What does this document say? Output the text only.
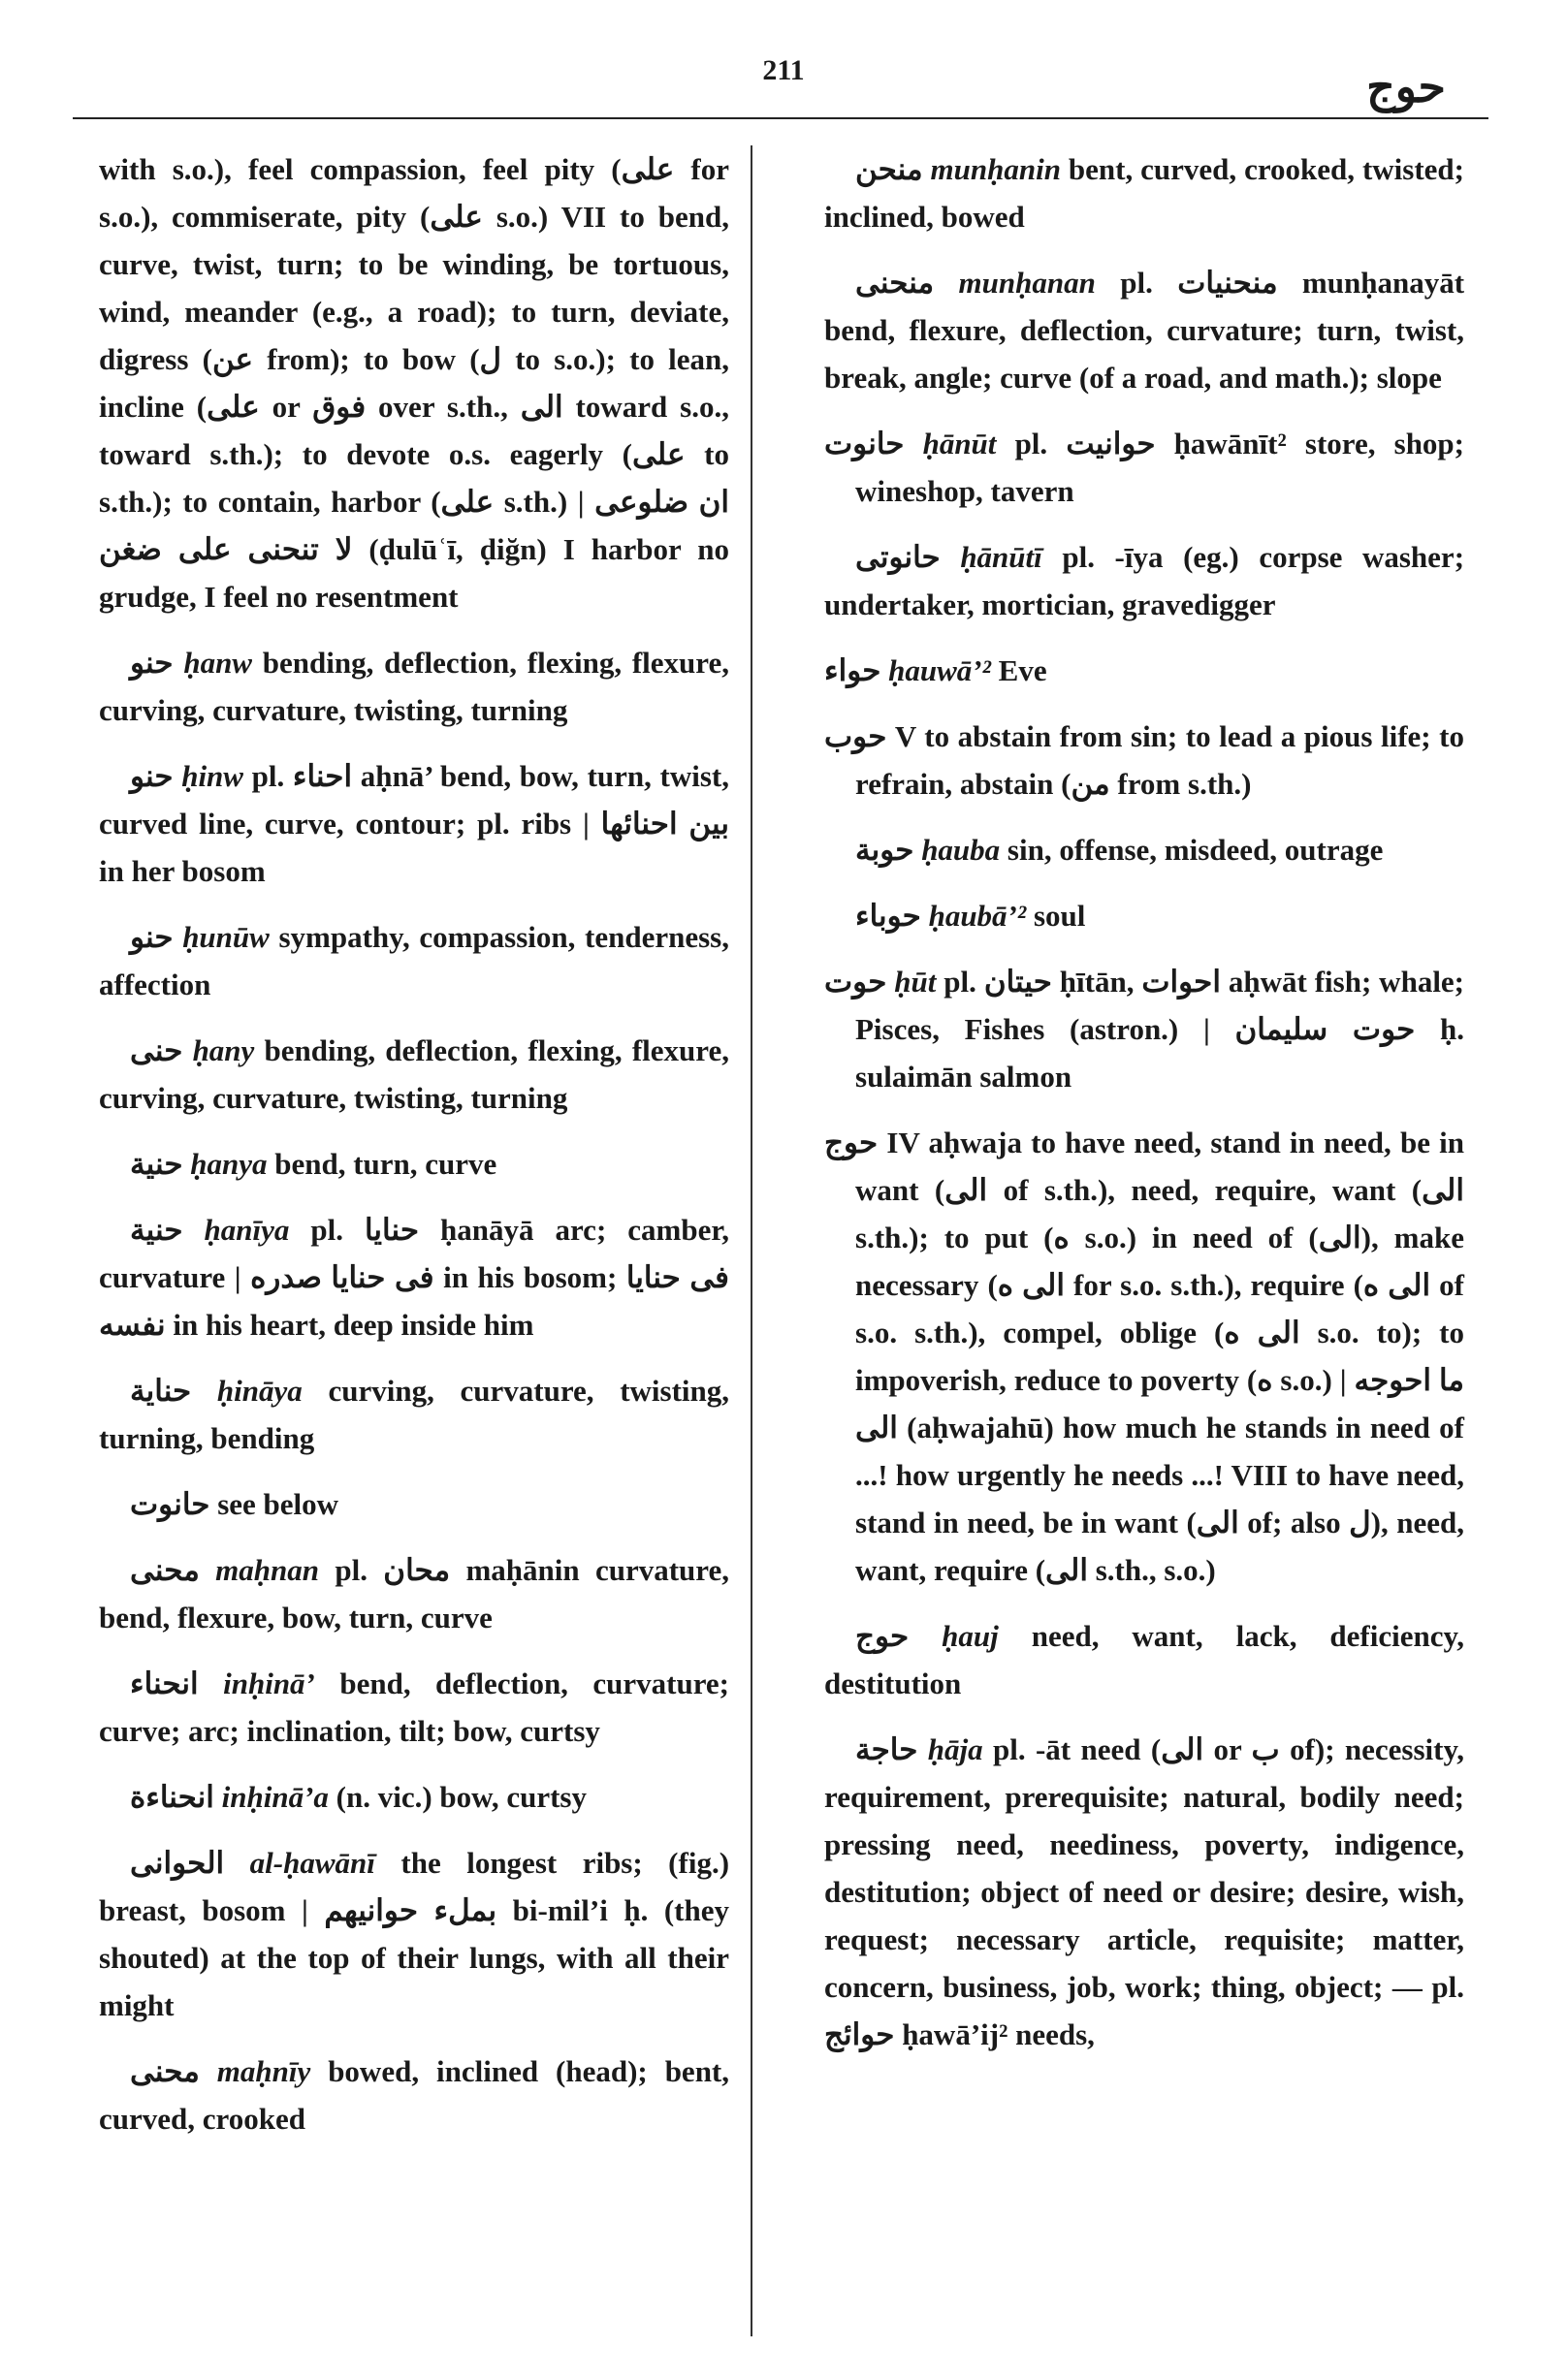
211	حوج
with s.o.), feel compassion, feel pity (على for s.o.), commiserate, pity (على s.o.) VII to bend, curve, twist, turn; to be winding, be tortuous, wind, meander (e.g., a road); to turn, deviate, digress (عن from); to bow (ل to s.o.); to lean, incline (على or فوق over s.th., الى toward s.o., toward s.th.); to devote o.s. eagerly (على to s.th.); to contain, harbor (على s.th.) | ان ضلوعى لا تنحنى على ضغن (ḍulūʿī, ḍiğn) I harbor no grudge, I feel no resentment
حنو ḥanw bending, deflection, flexing, flexure, curving, curvature, twisting, turning
حنو ḥinw pl. احناء aḥnā’ bend, bow, turn, twist, curved line, curve, contour; pl. ribs | بين احنائها in her bosom
حنو ḥunūw sympathy, compassion, tenderness, affection
حنى ḥany bending, deflection, flexing, flexure, curving, curvature, twisting, turning
حنية ḥanya bend, turn, curve
حنية ḥanīya pl. حنايا ḥanāyā arc; camber, curvature | فى حنايا صدره in his bosom; فى حنايا نفسه in his heart, deep inside him
حناية ḥināya curving, curvature, twisting, turning, bending
حانوت see below
محنى maḥnan pl. محان maḥānin curvature, bend, flexure, bow, turn, curve
انحناء inḥinā’ bend, deflection, curvature; curve; arc; inclination, tilt; bow, curtsy
انحناءة inḥinā’a (n. vic.) bow, curtsy
الحوانى al-ḥawānī the longest ribs; (fig.) breast, bosom | بملء حوانيهم bi-mil’i ḥ. (they shouted) at the top of their lungs, with all their might
محنى maḥnīy bowed, inclined (head); bent, curved, crooked
منحن munḥanin bent, curved, crooked, twisted; inclined, bowed
منحنى munḥanan pl. منحنيات munḥanayāt bend, flexure, deflection, curvature; turn, twist, break, angle; curve (of a road, and math.); slope
حانوت ḥānūt pl. حوانيت ḥawānīt² store, shop; wineshop, tavern
حانوتى ḥānūtī pl. -īya (eg.) corpse washer; undertaker, mortician, gravedigger
حواء ḥauwā’² Eve
حوب V to abstain from sin; to lead a pious life; to refrain, abstain (من from s.th.)
حوبة ḥauba sin, offense, misdeed, outrage
حوباء ḥaubā’² soul
حوت ḥūt pl. حيتان ḥītān, احوات aḥwāt fish; whale; Pisces, Fishes (astron.) | حوت سليمان ḥ. sulaimān salmon
حوج IV aḥwaja to have need, stand in need, be in want (الى of s.th.), need, require, want (الى s.th.); to put (ه s.o.) in need of (الى), make necessary (الى ه for s.o. s.th.), require (الى ه of s.o. s.th.), compel, oblige (الى ه s.o. to); to impoverish, reduce to poverty (ه s.o.) | ما احوجه الى (aḥwajahū) how much he stands in need of ...! how urgently he needs ...! VIII to have need, stand in need, be in want (الى of; also ل), need, want, require (الى s.th., s.o.)
حوج ḥauj need, want, lack, deficiency, destitution
حاجة ḥāja pl. -āt need (الى or ب of); necessity, requirement, prerequisite; natural, bodily need; pressing need, neediness, poverty, indigence, destitution; object of need or desire; desire, wish, request; necessary article, requisite; matter, concern, business, job, work; thing, object; — pl. حوائج ḥawā’ij² needs,
